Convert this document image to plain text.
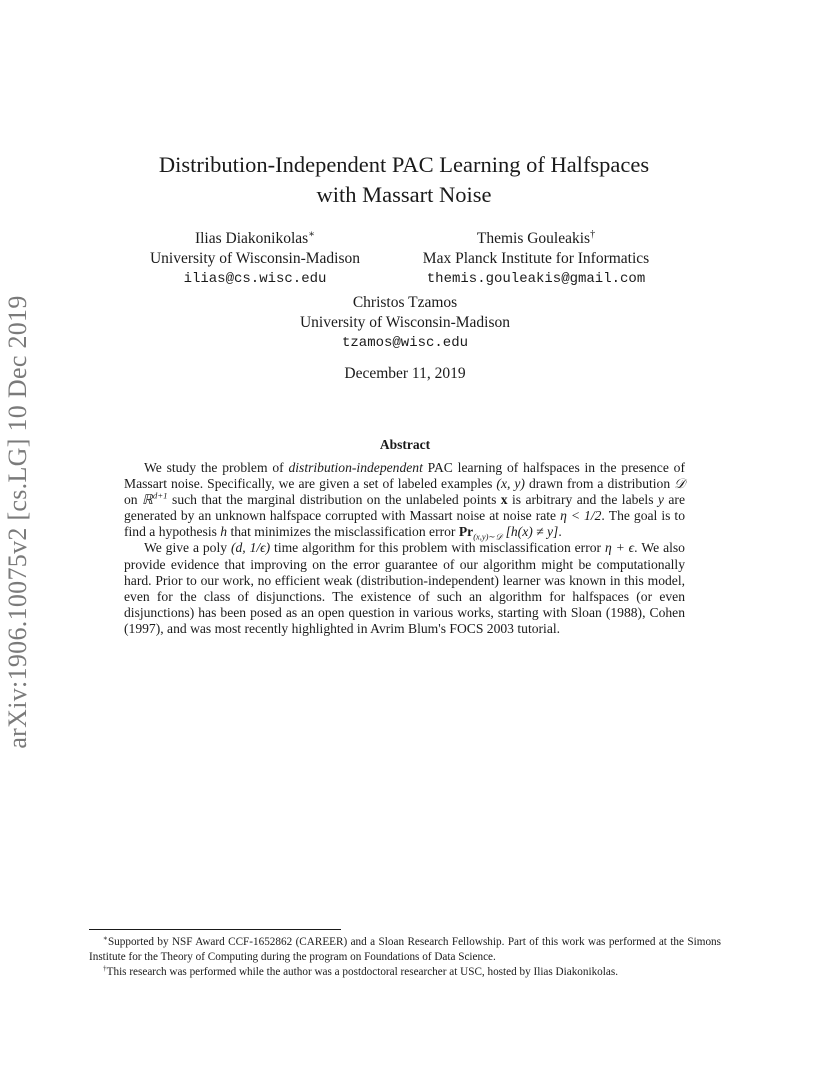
arXiv:1906.10075v2 [cs.LG] 10 Dec 2019
Distribution-Independent PAC Learning of Halfspaces
with Massart Noise
Ilias Diakonikolas∗
University of Wisconsin-Madison
ilias@cs.wisc.edu
Themis Gouleakis†
Max Planck Institute for Informatics
themis.gouleakis@gmail.com
Christos Tzamos
University of Wisconsin-Madison
tzamos@wisc.edu
December 11, 2019
Abstract

We study the problem of distribution-independent PAC learning of halfspaces in the presence of Massart noise. Specifically, we are given a set of labeled examples (x, y) drawn from a distribution 𝒟 on ℝ$^{d+1}$ such that the marginal distribution on the unlabeled points x is arbitrary and the labels y are generated by an unknown halfspace corrupted with Massart noise at noise rate η < 1/2. The goal is to find a hypothesis h that minimizes the misclassification error $Pr_{(x,y)\sim 𝒟}$ [h(x) ≠ y].

We give a poly (d, 1/ϵ) time algorithm for this problem with misclassification error η + ϵ. We also provide evidence that improving on the error guarantee of our algorithm might be computationally hard. Prior to our work, no efficient weak (distribution-independent) learner was known in this model, even for the class of disjunctions. The existence of such an algorithm for halfspaces (or even disjunctions) has been posed as an open question in various works, starting with Sloan (1988), Cohen (1997), and was most recently highlighted in Avrim Blum's FOCS 2003 tutorial.

∗Supported by NSF Award CCF-1652862 (CAREER) and a Sloan Research Fellowship. Part of this work was performed at the Simons Institute for the Theory of Computing during the program on Foundations of Data Science.

†This research was performed while the author was a postdoctoral researcher at USC, hosted by Ilias Diakonikolas.
